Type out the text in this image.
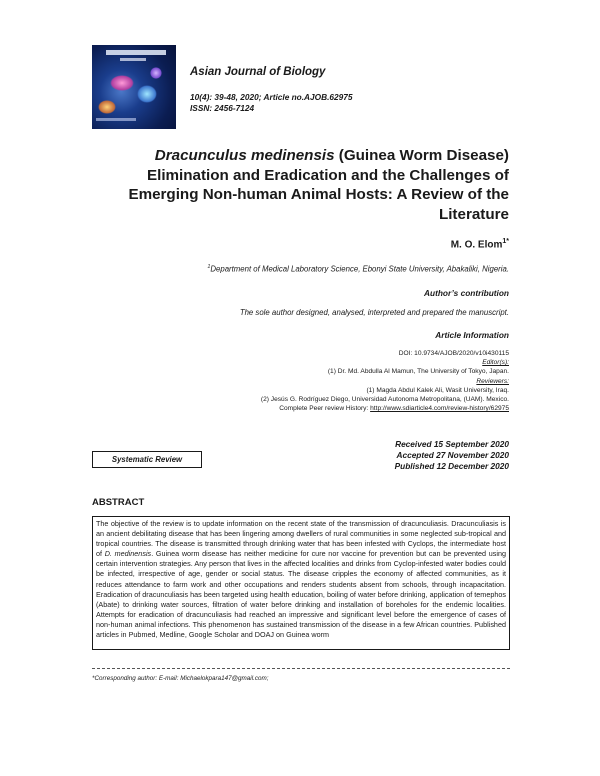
Asian Journal of Biology
10(4): 39-48, 2020; Article no.AJOB.62975
ISSN: 2456-7124
Dracunculus medinensis (Guinea Worm Disease) Elimination and Eradication and the Challenges of Emerging Non-human Animal Hosts: A Review of the Literature
M. O. Elom$^{1*}$
$^1$Department of Medical Laboratory Science, Ebonyi State University, Abakaliki, Nigeria.
Author’s contribution
The sole author designed, analysed, interpreted and prepared the manuscript.
Article Information
DOI: 10.9734/AJOB/2020/v10i430115
Editor(s):
(1) Dr. Md. Abdulla Al Mamun, The University of Tokyo, Japan.
Reviewers:
(1) Magda Abdul Kalek Ali, Wasit University, Iraq.
(2) Jesús G. Rodríguez Diego, Universidad Autonoma Metropolitana, (UAM). Mexico.
Complete Peer review History: http://www.sdiarticle4.com/review-history/62975
Received 15 September 2020
Accepted 27 November 2020
Published 12 December 2020
Systematic Review
ABSTRACT
The objective of the review is to update information on the recent state of the transmission of dracunculiasis. Dracunculiasis is an ancient debilitating disease that has been lingering among dwellers of rural communities in some neglected sub-tropical and tropical countries. The disease is transmitted through drinking water that has been infested with Cyclops, the intermediate host of D. medinensis. Guinea worm disease has neither medicine for cure nor vaccine for prevention but can be prevented using certain intervention strategies. Any person that lives in the affected localities and drinks from Cyclop-infested water bodies could be infected, irrespective of age, gender or social status. The disease cripples the economy of affected communities, as it reduces attendance to farm work and other occupations and renders students absent from schools, through incapacitation. Eradication of dracunculiasis has been targeted using health education, boiling of water before drinking, application of temephos (Abate) to drinking water sources, filtration of water before drinking and installation of boreholes for the endemic localities. Attempts for eradication of dracunculiasis had reached an impressive and significant level before the emergence of cases of non-human animal infections. This phenomenon has sustained transmission of the disease in a few African countries. Published articles in Pubmed, Medline, Google Scholar and DOAJ on Guinea worm
*Corresponding author: E-mail: Michaelokpara147@gmail.com;
